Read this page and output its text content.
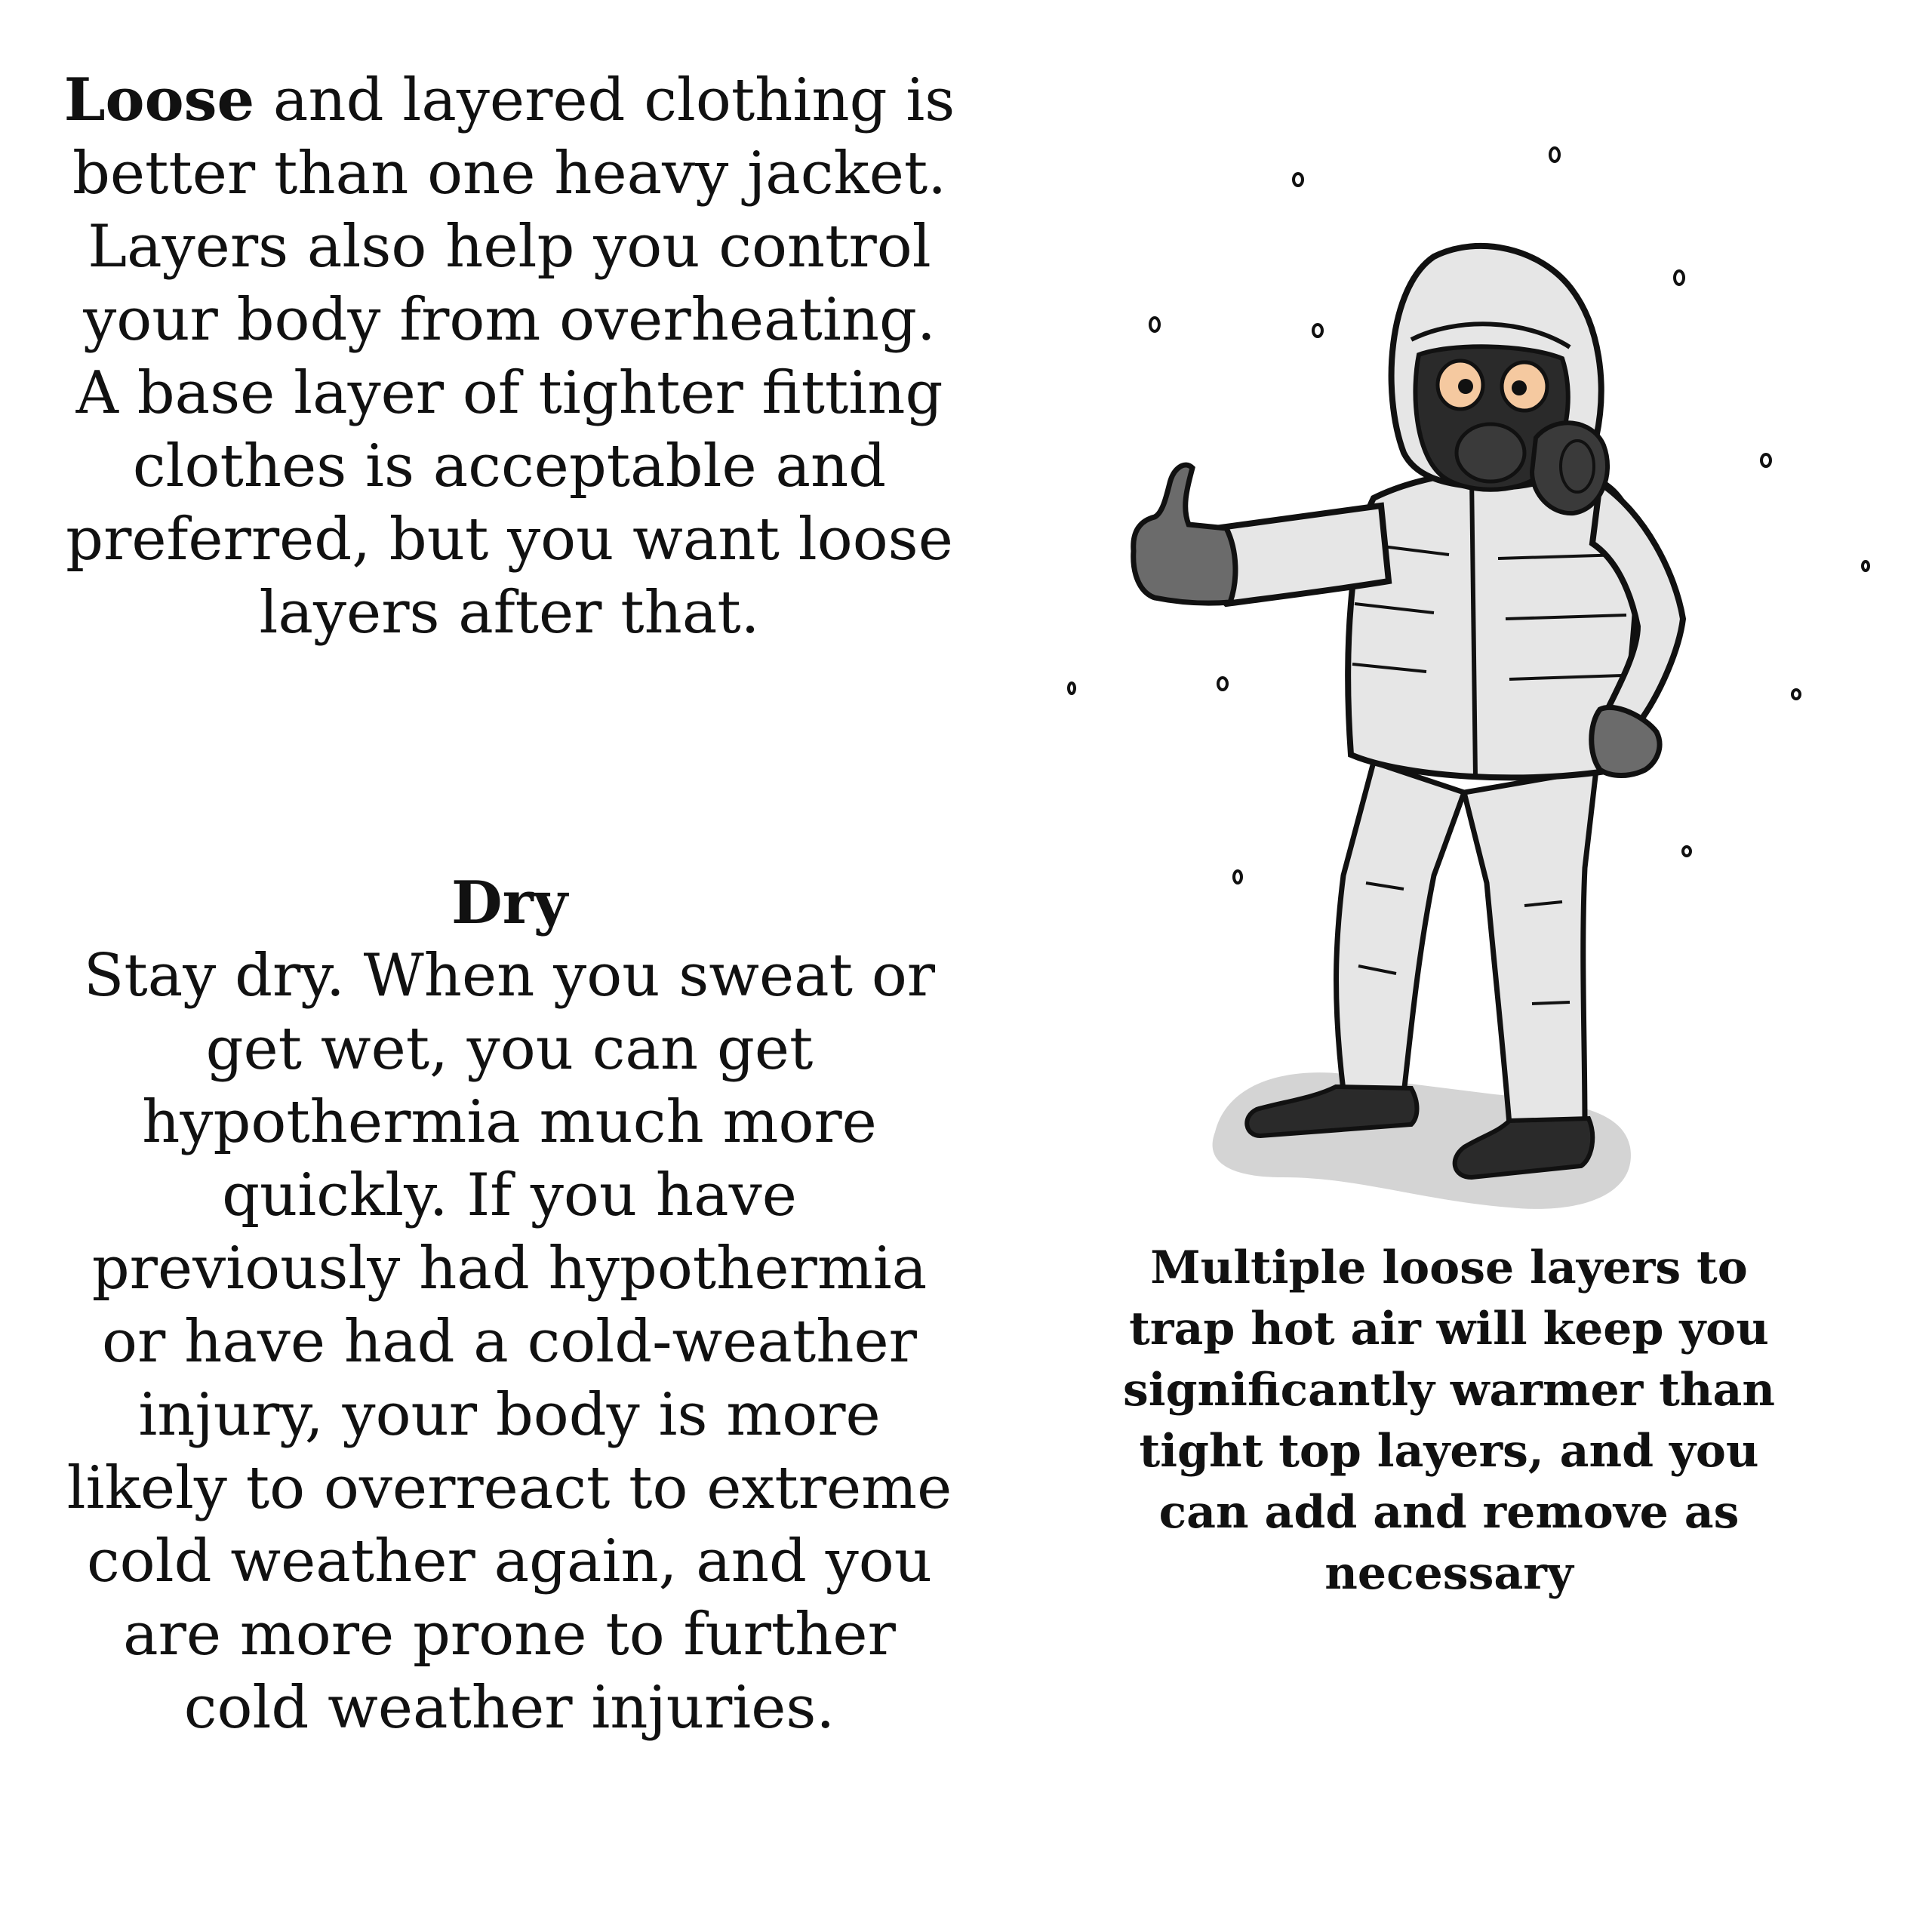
Loose and layered clothing is better than one heavy jacket. Layers also help you control your body from overheating. A base layer of tighter fitting clothes is acceptable and preferred, but you want loose layers after that.
Dry
Stay dry. When you sweat or get wet, you can get hypothermia much more quickly. If you have previously had hypothermia or have had a cold-weather injury, your body is more likely to overreact to extreme cold weather again, and you are more prone to further cold weather injuries.
Multiple loose layers to trap hot air will keep you significantly warmer than tight top layers, and you can add and remove as necessary
